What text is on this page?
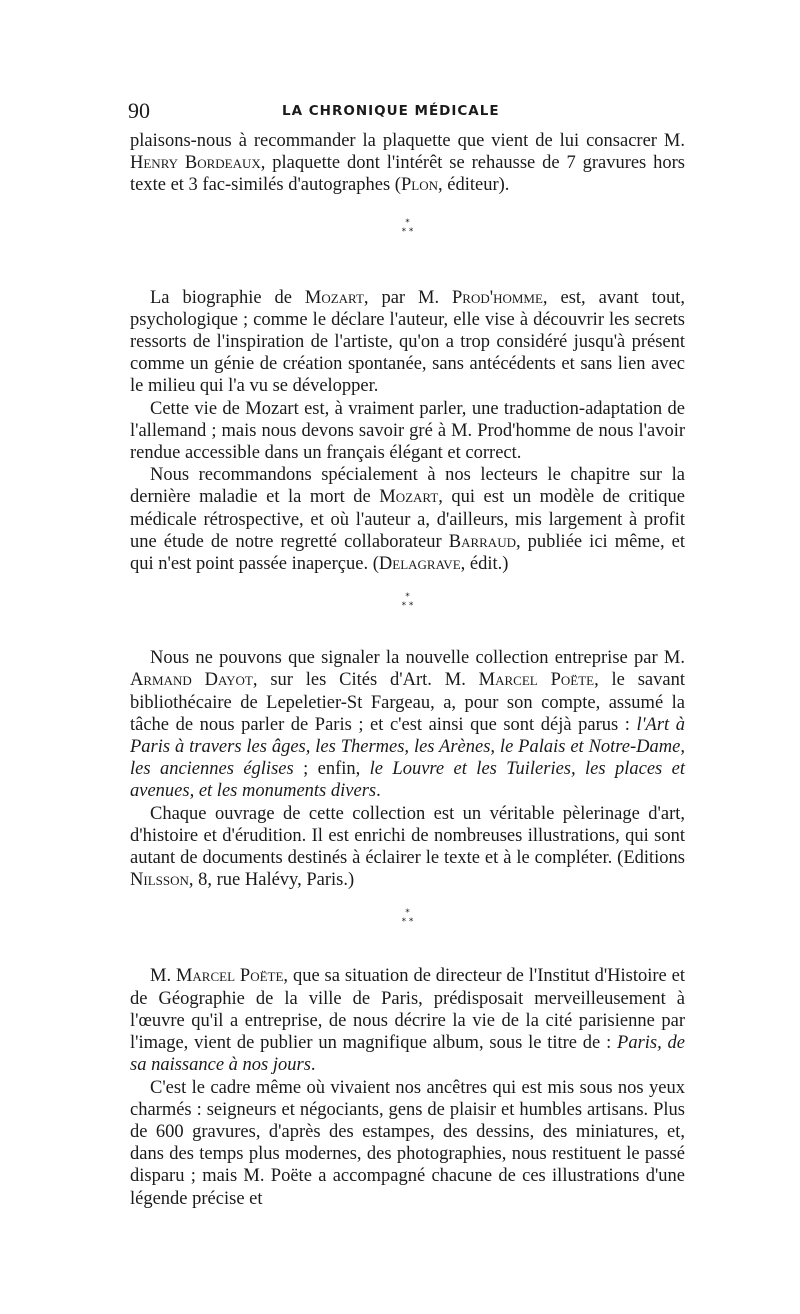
90	LA CHRONIQUE MÉDICALE

plaisons-nous à recommander la plaquette que vient de lui consacrer M. Henry Bordeaux, plaquette dont l'intérêt se rehausse de 7 gravures hors texte et 3 fac-similés d'autographes (Plon, éditeur).

*
* *

La biographie de Mozart, par M. Prod'homme, est, avant tout, psychologique ; comme le déclare l'auteur, elle vise à découvrir les secrets ressorts de l'inspiration de l'artiste, qu'on a trop considéré jusqu'à présent comme un génie de création spontanée, sans antécédents et sans lien avec le milieu qui l'a vu se développer.

Cette vie de Mozart est, à vraiment parler, une traduction-adaptation de l'allemand ; mais nous devons savoir gré à M. Prod'homme de nous l'avoir rendue accessible dans un français élégant et correct.

Nous recommandons spécialement à nos lecteurs le chapitre sur la dernière maladie et la mort de Mozart, qui est un modèle de critique médicale rétrospective, et où l'auteur a, d'ailleurs, mis largement à profit une étude de notre regretté collaborateur Barraud, publiée ici même, et qui n'est point passée inaperçue. (Delagrave, édit.)

*
* *

Nous ne pouvons que signaler la nouvelle collection entreprise par M. Armand Dayot, sur les Cités d'Art. M. Marcel Poëte, le savant bibliothécaire de Lepeletier-St Fargeau, a, pour son compte, assumé la tâche de nous parler de Paris ; et c'est ainsi que sont déjà parus : l'Art à Paris à travers les âges, les Thermes, les Arènes, le Palais et Notre-Dame, les anciennes églises ; enfin, le Louvre et les Tuileries, les places et avenues, et les monuments divers.

Chaque ouvrage de cette collection est un véritable pèlerinage d'art, d'histoire et d'érudition. Il est enrichi de nombreuses illustrations, qui sont autant de documents destinés à éclairer le texte et à le compléter. (Editions Nilsson, 8, rue Halévy, Paris.)

*
* *

M. Marcel Poëte, que sa situation de directeur de l'Institut d'Histoire et de Géographie de la ville de Paris, prédisposait merveilleusement à l'œuvre qu'il a entreprise, de nous décrire la vie de la cité parisienne par l'image, vient de publier un magnifique album, sous le titre de : Paris, de sa naissance à nos jours.

C'est le cadre même où vivaient nos ancêtres qui est mis sous nos yeux charmés : seigneurs et négociants, gens de plaisir et humbles artisans. Plus de 600 gravures, d'après des estampes, des dessins, des miniatures, et, dans des temps plus modernes, des photographies, nous restituent le passé disparu ; mais M. Poëte a accompagné chacune de ces illustrations d'une légende précise et
